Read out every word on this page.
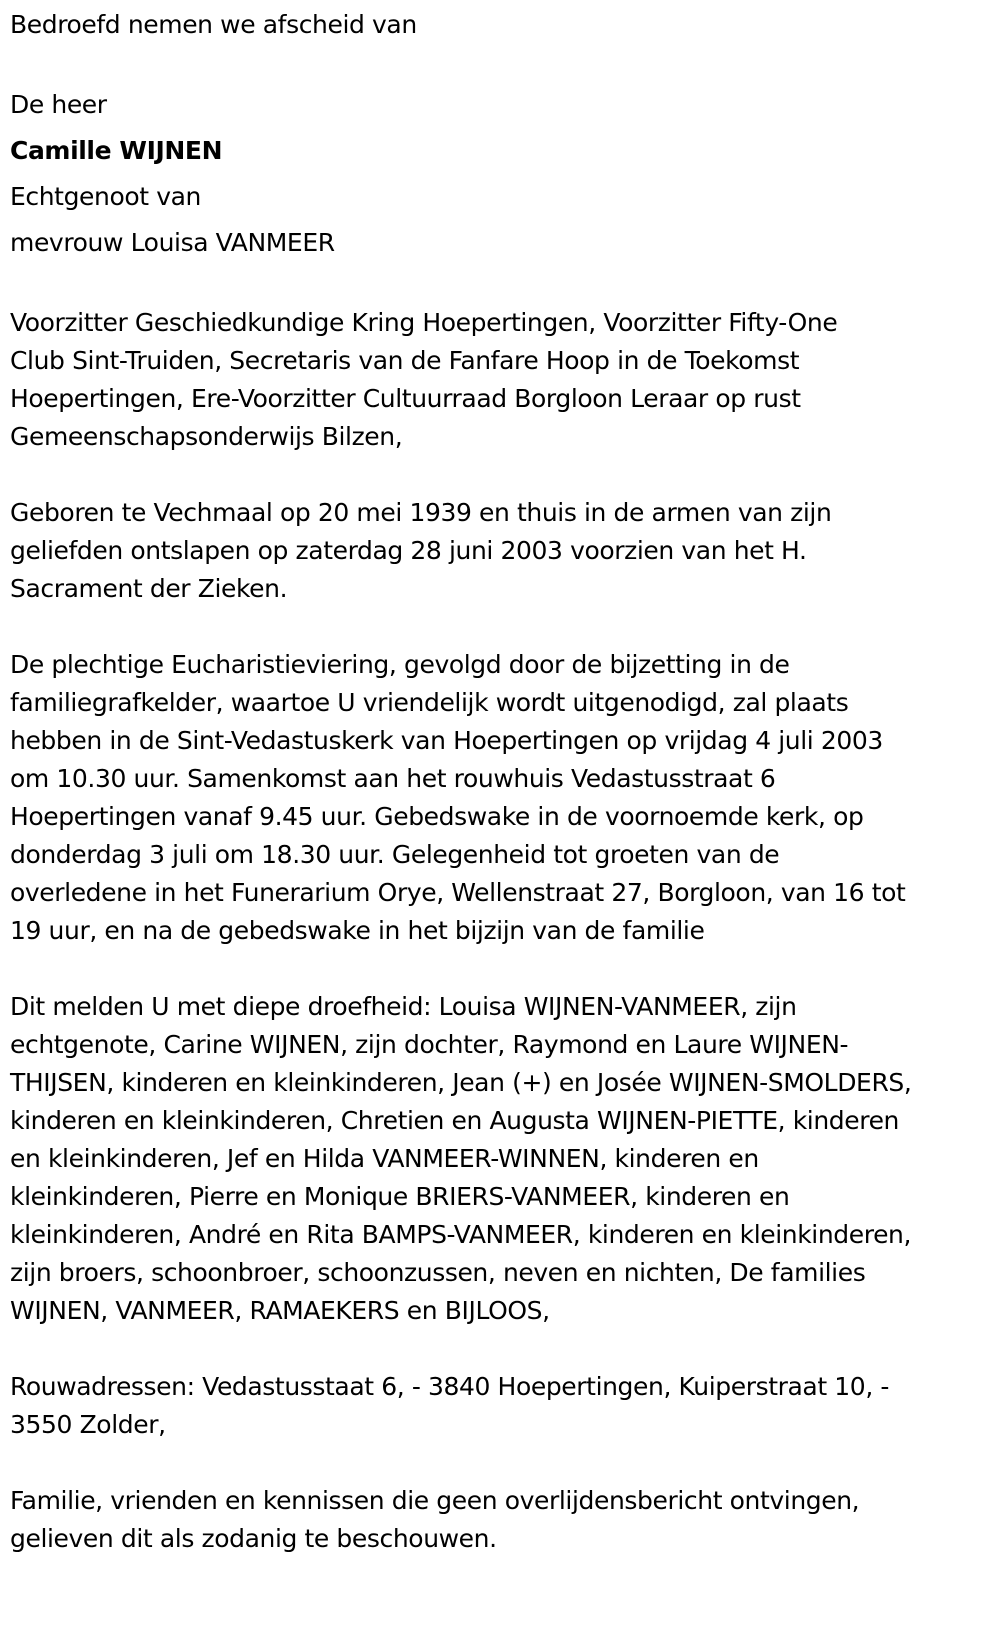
Bedroefd nemen we afscheid van

De heer

Camille WIJNEN

Echtgenoot van

mevrouw Louisa VANMEER

Voorzitter Geschiedkundige Kring Hoepertingen, Voorzitter Fifty-One

Club Sint-Truiden, Secretaris van de Fanfare Hoop in de Toekomst

Hoepertingen, Ere-Voorzitter Cultuurraad Borgloon Leraar op rust

Gemeenschapsonderwijs Bilzen,

Geboren te Vechmaal op 20 mei 1939 en thuis in de armen van zijn

geliefden ontslapen op zaterdag 28 juni 2003 voorzien van het H.

Sacrament der Zieken.

De plechtige Eucharistieviering, gevolgd door de bijzetting in de

familiegrafkelder, waartoe U vriendelijk wordt uitgenodigd, zal plaats

hebben in de Sint-Vedastuskerk van Hoepertingen op vrijdag 4 juli 2003

om 10.30 uur. Samenkomst aan het rouwhuis Vedastusstraat 6

Hoepertingen vanaf 9.45 uur. Gebedswake in de voornoemde kerk, op

donderdag 3 juli om 18.30 uur. Gelegenheid tot groeten van de

overledene in het Funerarium Orye, Wellenstraat 27, Borgloon, van 16 tot

19 uur, en na de gebedswake in het bijzijn van de familie

Dit melden U met diepe droefheid: Louisa WIJNEN-VANMEER, zijn

echtgenote, Carine WIJNEN, zijn dochter, Raymond en Laure WIJNEN-

THIJSEN, kinderen en kleinkinderen, Jean (+) en Josée WIJNEN-SMOLDERS,

kinderen en kleinkinderen, Chretien en Augusta WIJNEN-PIETTE, kinderen

en kleinkinderen, Jef en Hilda VANMEER-WINNEN, kinderen en

kleinkinderen, Pierre en Monique BRIERS-VANMEER, kinderen en

kleinkinderen, André en Rita BAMPS-VANMEER, kinderen en kleinkinderen,

zijn broers, schoonbroer, schoonzussen, neven en nichten, De families

WIJNEN, VANMEER, RAMAEKERS en BIJLOOS,

Rouwadressen: Vedastusstaat 6, - 3840 Hoepertingen, Kuiperstraat 10, -

3550 Zolder,

Familie, vrienden en kennissen die geen overlijdensbericht ontvingen,

gelieven dit als zodanig te beschouwen.
